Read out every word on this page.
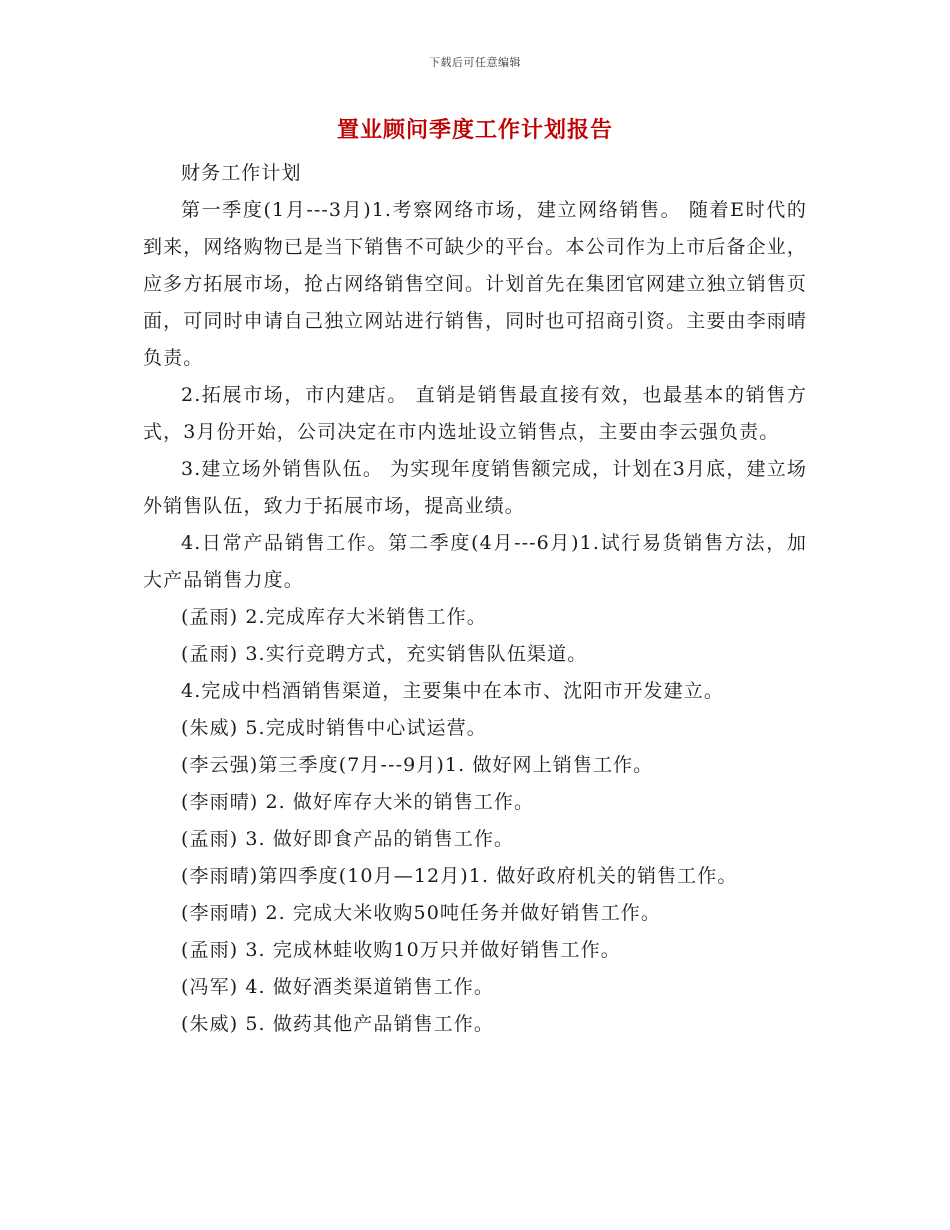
下载后可任意编辑
置业顾问季度工作计划报告

财务工作计划

第一季度(1月---3月)1.考察网络市场，建立网络销售。 随着E时代的到来，网络购物已是当下销售不可缺少的平台。本公司作为上市后备企业，应多方拓展市场，抢占网络销售空间。计划首先在集团官网建立独立销售页面，可同时申请自己独立网站进行销售，同时也可招商引资。主要由李雨晴负责。

2.拓展市场，市内建店。 直销是销售最直接有效，也最基本的销售方式，3月份开始，公司决定在市内选址设立销售点，主要由李云强负责。

3.建立场外销售队伍。 为实现年度销售额完成，计划在3月底，建立场外销售队伍，致力于拓展市场，提高业绩。

4.日常产品销售工作。第二季度(4月---6月)1.试行易货销售方法，加大产品销售力度。

(孟雨) 2.完成库存大米销售工作。

(孟雨) 3.实行竞聘方式，充实销售队伍渠道。

4.完成中档酒销售渠道，主要集中在本市、沈阳市开发建立。

(朱威) 5.完成时销售中心试运营。

(李云强)第三季度(7月---9月)1. 做好网上销售工作。

(李雨晴) 2. 做好库存大米的销售工作。

(孟雨) 3. 做好即食产品的销售工作。

(李雨晴)第四季度(10月—12月)1. 做好政府机关的销售工作。

(李雨晴) 2. 完成大米收购50吨任务并做好销售工作。

(孟雨) 3. 完成林蛙收购10万只并做好销售工作。

(冯军) 4. 做好酒类渠道销售工作。

(朱威) 5. 做药其他产品销售工作。
